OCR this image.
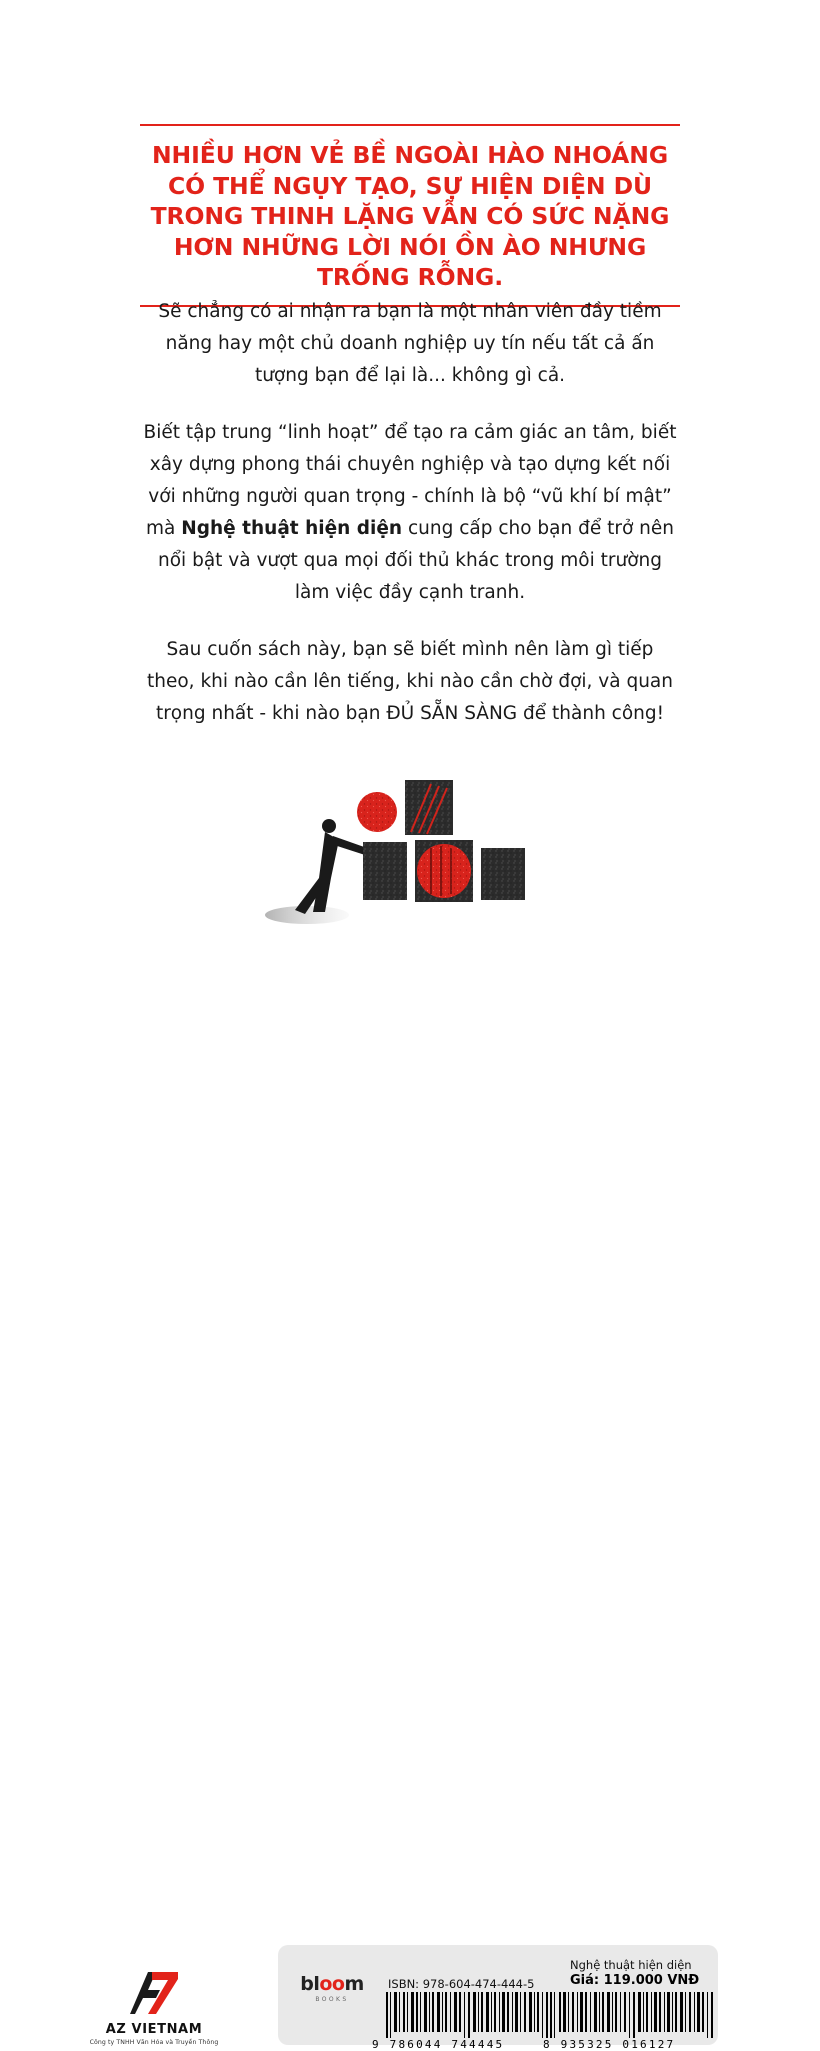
NHIỀU HƠN VẺ BỀ NGOÀI HÀO NHOÁNG CÓ THỂ NGỤY TẠO, SỰ HIỆN DIỆN DÙ TRONG THINH LẶNG VẪN CÓ SỨC NẶNG HƠN NHỮNG LỜI NÓI ỒN ÀO NHƯNG TRỐNG RỖNG.

Sẽ chẳng có ai nhận ra bạn là một nhân viên đầy tiềm năng hay một chủ doanh nghiệp uy tín nếu tất cả ấn tượng bạn để lại là... không gì cả.

Biết tập trung “linh hoạt” để tạo ra cảm giác an tâm, biết xây dựng phong thái chuyên nghiệp và tạo dựng kết nối với những người quan trọng - chính là bộ “vũ khí bí mật” mà Nghệ thuật hiện diện cung cấp cho bạn để trở nên nổi bật và vượt qua mọi đối thủ khác trong môi trường làm việc đầy cạnh tranh.

Sau cuốn sách này, bạn sẽ biết mình nên làm gì tiếp theo, khi nào cần lên tiếng, khi nào cần chờ đợi, và quan trọng nhất - khi nào bạn ĐỦ SẴN SÀNG để thành công!

bloom
BOOKS
ISBN: 978-604-474-444-5
Nghệ thuật hiện diện
Giá: 119.000 VNĐ
9 786044 744445	8 935325 016127
AZ VIETNAM
Công ty TNHH Văn Hóa và Truyền Thông
